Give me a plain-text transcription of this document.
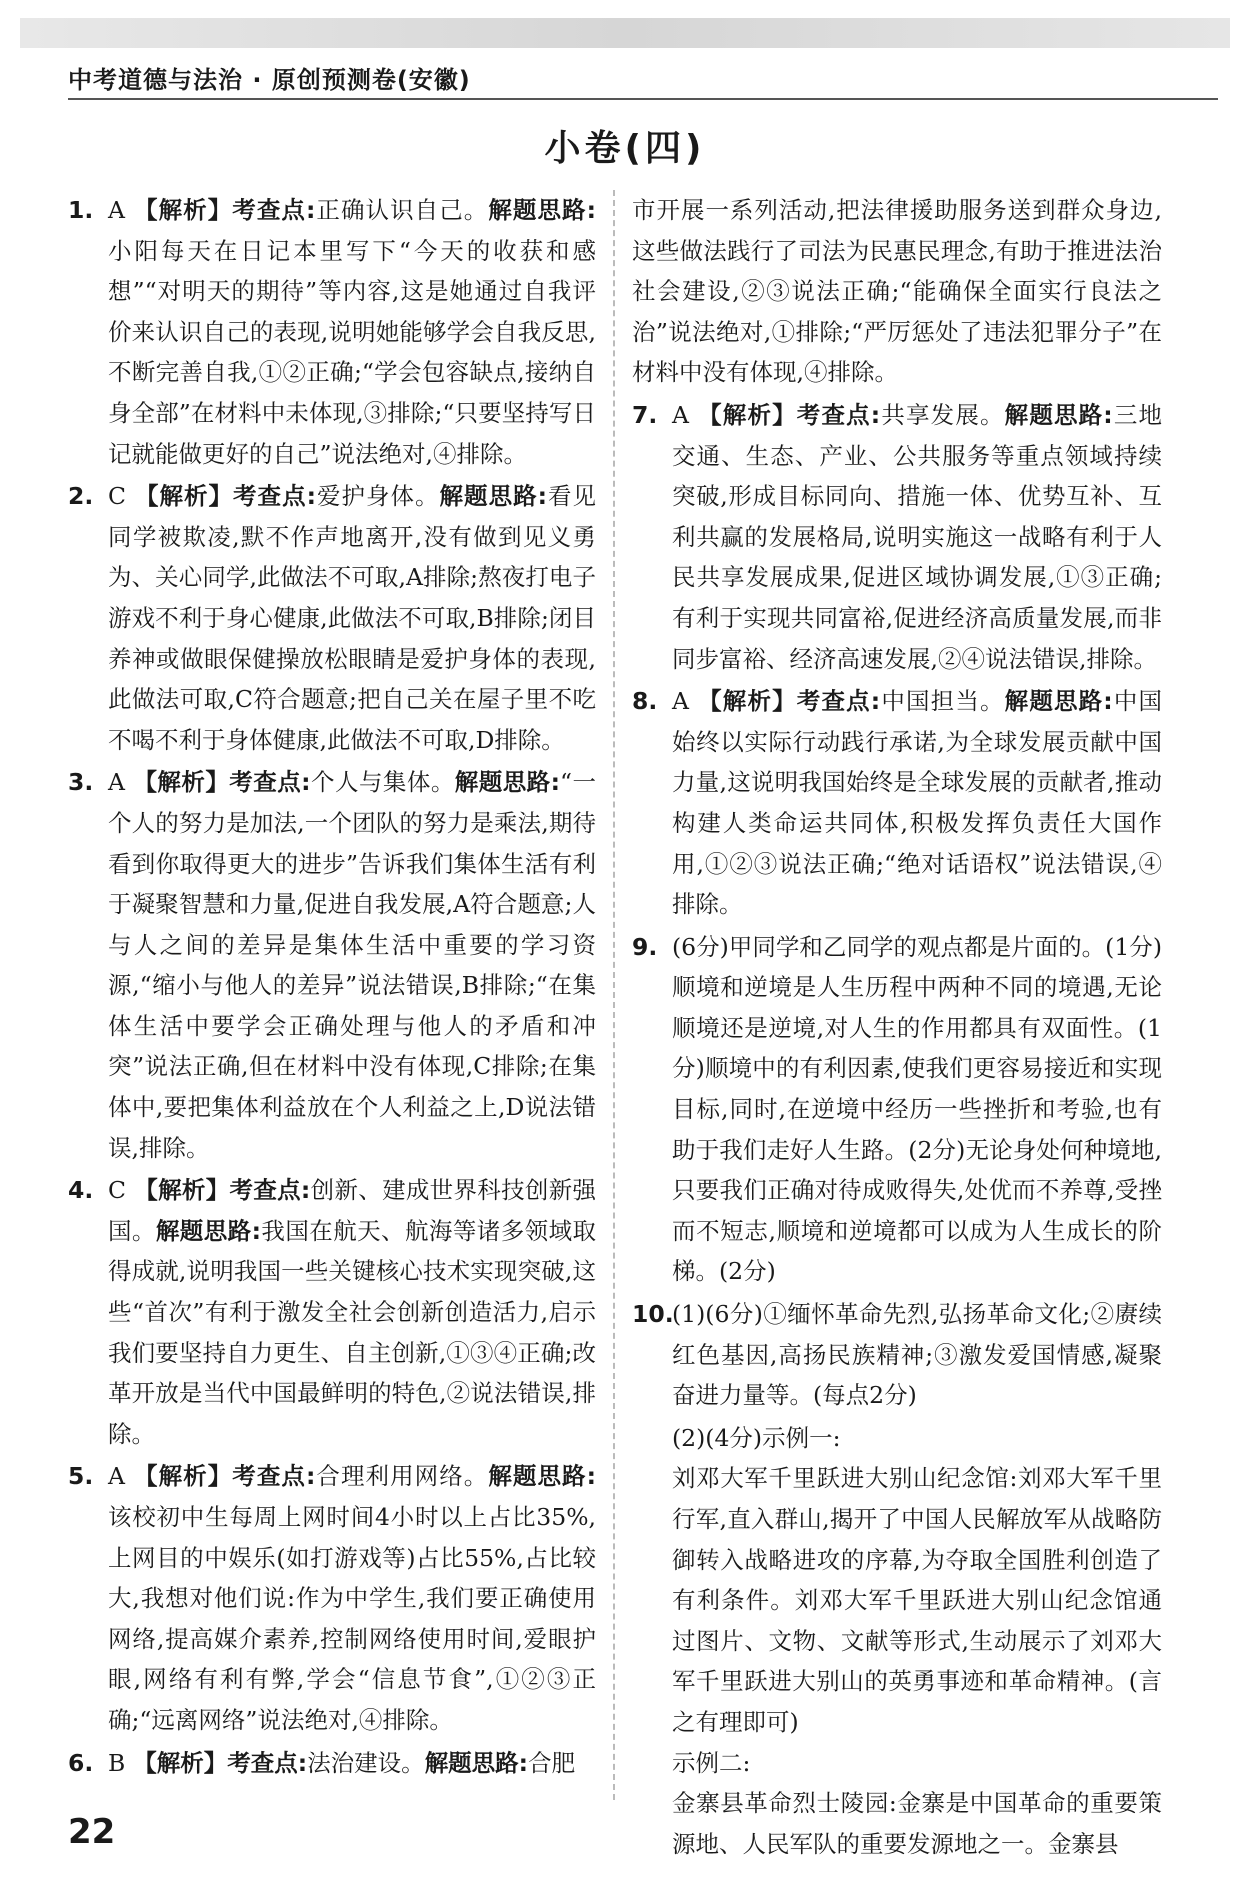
中考道德与法治 · 原创预测卷(安徽)
小卷(四)

1. A 【解析】考查点:正确认识自己。解题思路:小阳每天在日记本里写下“今天的收获和感想”“对明天的期待”等内容,这是她通过自我评价来认识自己的表现,说明她能够学会自我反思,不断完善自我,①②正确;“学会包容缺点,接纳自身全部”在材料中未体现,③排除;“只要坚持写日记就能做更好的自己”说法绝对,④排除。

2. C 【解析】考查点:爱护身体。解题思路:看见同学被欺凌,默不作声地离开,没有做到见义勇为、关心同学,此做法不可取,A排除;熬夜打电子游戏不利于身心健康,此做法不可取,B排除;闭目养神或做眼保健操放松眼睛是爱护身体的表现,此做法可取,C符合题意;把自己关在屋子里不吃不喝不利于身体健康,此做法不可取,D排除。

3. A 【解析】考查点:个人与集体。解题思路:“一个人的努力是加法,一个团队的努力是乘法,期待看到你取得更大的进步”告诉我们集体生活有利于凝聚智慧和力量,促进自我发展,A符合题意;人与人之间的差异是集体生活中重要的学习资源,“缩小与他人的差异”说法错误,B排除;“在集体生活中要学会正确处理与他人的矛盾和冲突”说法正确,但在材料中没有体现,C排除;在集体中,要把集体利益放在个人利益之上,D说法错误,排除。

4. C 【解析】考查点:创新、建成世界科技创新强国。解题思路:我国在航天、航海等诸多领域取得成就,说明我国一些关键核心技术实现突破,这些“首次”有利于激发全社会创新创造活力,启示我们要坚持自力更生、自主创新,①③④正确;改革开放是当代中国最鲜明的特色,②说法错误,排除。

5. A 【解析】考查点:合理利用网络。解题思路:该校初中生每周上网时间4小时以上占比35%,上网目的中娱乐(如打游戏等)占比55%,占比较大,我想对他们说:作为中学生,我们要正确使用网络,提高媒介素养,控制网络使用时间,爱眼护眼,网络有利有弊,学会“信息节食”,①②③正确;“远离网络”说法绝对,④排除。

6. B 【解析】考查点:法治建设。解题思路:合肥

市开展一系列活动,把法律援助服务送到群众身边,这些做法践行了司法为民惠民理念,有助于推进法治社会建设,②③说法正确;“能确保全面实行良法之治”说法绝对,①排除;“严厉惩处了违法犯罪分子”在材料中没有体现,④排除。

7. A 【解析】考查点:共享发展。解题思路:三地交通、生态、产业、公共服务等重点领域持续突破,形成目标同向、措施一体、优势互补、互利共赢的发展格局,说明实施这一战略有利于人民共享发展成果,促进区域协调发展,①③正确;有利于实现共同富裕,促进经济高质量发展,而非同步富裕、经济高速发展,②④说法错误,排除。

8. A 【解析】考查点:中国担当。解题思路:中国始终以实际行动践行承诺,为全球发展贡献中国力量,这说明我国始终是全球发展的贡献者,推动构建人类命运共同体,积极发挥负责任大国作用,①②③说法正确;“绝对话语权”说法错误,④排除。

9. (6分)甲同学和乙同学的观点都是片面的。(1分)顺境和逆境是人生历程中两种不同的境遇,无论顺境还是逆境,对人生的作用都具有双面性。(1分)顺境中的有利因素,使我们更容易接近和实现目标,同时,在逆境中经历一些挫折和考验,也有助于我们走好人生路。(2分)无论身处何种境地,只要我们正确对待成败得失,处优而不养尊,受挫而不短志,顺境和逆境都可以成为人生成长的阶梯。(2分)

10.(1)(6分)①缅怀革命先烈,弘扬革命文化;②赓续红色基因,高扬民族精神;③激发爱国情感,凝聚奋进力量等。(每点2分)

(2)(4分)示例一:

刘邓大军千里跃进大别山纪念馆:刘邓大军千里行军,直入群山,揭开了中国人民解放军从战略防御转入战略进攻的序幕,为夺取全国胜利创造了有利条件。刘邓大军千里跃进大别山纪念馆通过图片、文物、文献等形式,生动展示了刘邓大军千里跃进大别山的英勇事迹和革命精神。(言之有理即可)

示例二:

金寨县革命烈士陵园:金寨是中国革命的重要策源地、人民军队的重要发源地之一。金寨县

22
